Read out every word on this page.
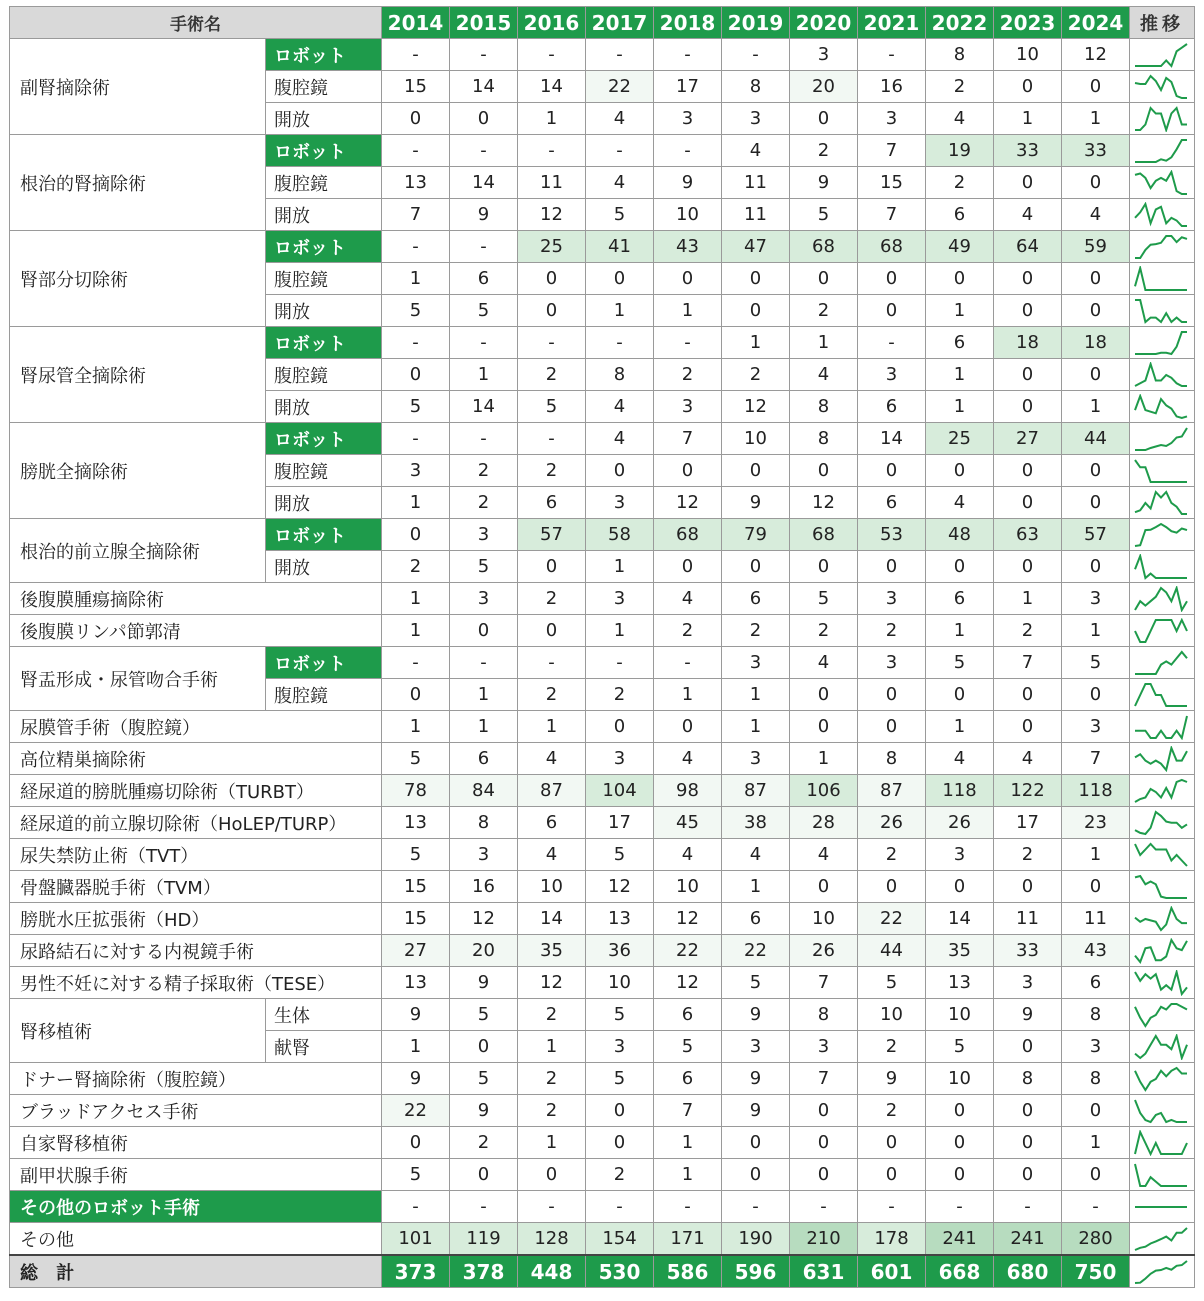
手術名		2014	2015	2016	2017	2018	2019	2020	2021	2022	2023	2024	推移
副腎摘除術	ロボット	-	-	-	-	-	-	3	-	8	10	12	

	腹腔鏡	15	14	14	22	17	8	20	16	2	0	0	

	開放	0	0	1	4	3	3	0	3	4	1	1	

根治的腎摘除術	ロボット	-	-	-	-	-	4	2	7	19	33	33	

	腹腔鏡	13	14	11	4	9	11	9	15	2	0	0	

	開放	7	9	12	5	10	11	5	7	6	4	4	

腎部分切除術	ロボット	-	-	25	41	43	47	68	68	49	64	59	

	腹腔鏡	1	6	0	0	0	0	0	0	0	0	0	

	開放	5	5	0	1	1	0	2	0	1	0	0	

腎尿管全摘除術	ロボット	-	-	-	-	-	1	1	-	6	18	18	

	腹腔鏡	0	1	2	8	2	2	4	3	1	0	0	

	開放	5	14	5	4	3	12	8	6	1	0	1	

膀胱全摘除術	ロボット	-	-	-	4	7	10	8	14	25	27	44	

	腹腔鏡	3	2	2	0	0	0	0	0	0	0	0	

	開放	1	2	6	3	12	9	12	6	4	0	0	

根治的前立腺全摘除術	ロボット	0	3	57	58	68	79	68	53	48	63	57	

	開放	2	5	0	1	0	0	0	0	0	0	0	

後腹膜腫瘍摘除術		1	3	2	3	4	6	5	3	6	1	3	

後腹膜リンパ節郭清		1	0	0	1	2	2	2	2	1	2	1	

腎盂形成・尿管吻合手術	ロボット	-	-	-	-	-	3	4	3	5	7	5	

	腹腔鏡	0	1	2	2	1	1	0	0	0	0	0	

尿膜管手術（腹腔鏡）		1	1	1	0	0	1	0	0	1	0	3	

高位精巣摘除術		5	6	4	3	4	3	1	8	4	4	7	

経尿道的膀胱腫瘍切除術（TURBT）		78	84	87	104	98	87	106	87	118	122	118	

経尿道的前立腺切除術（HoLEP/TURP）		13	8	6	17	45	38	28	26	26	17	23	

尿失禁防止術（TVT）		5	3	4	5	4	4	4	2	3	2	1	

骨盤臓器脱手術（TVM）		15	16	10	12	10	1	0	0	0	0	0	

膀胱水圧拡張術（HD）		15	12	14	13	12	6	10	22	14	11	11	

尿路結石に対する内視鏡手術		27	20	35	36	22	22	26	44	35	33	43	

男性不妊に対する精子採取術（TESE）		13	9	12	10	12	5	7	5	13	3	6	

腎移植術	生体	9	5	2	5	6	9	8	10	10	9	8	

	献腎	1	0	1	3	5	3	3	2	5	0	3	

ドナー腎摘除術（腹腔鏡）		9	5	2	5	6	9	7	9	10	8	8	

ブラッドアクセス手術		22	9	2	0	7	9	0	2	0	0	0	

自家腎移植術		0	2	1	0	1	0	0	0	0	0	1	

副甲状腺手術		5	0	0	2	1	0	0	0	0	0	0	

その他のロボット手術		-	-	-	-	-	-	-	-	-	-	-	

その他		101	119	128	154	171	190	210	178	241	241	280	

総 計		373	378	448	530	586	596	631	601	668	680	750	
